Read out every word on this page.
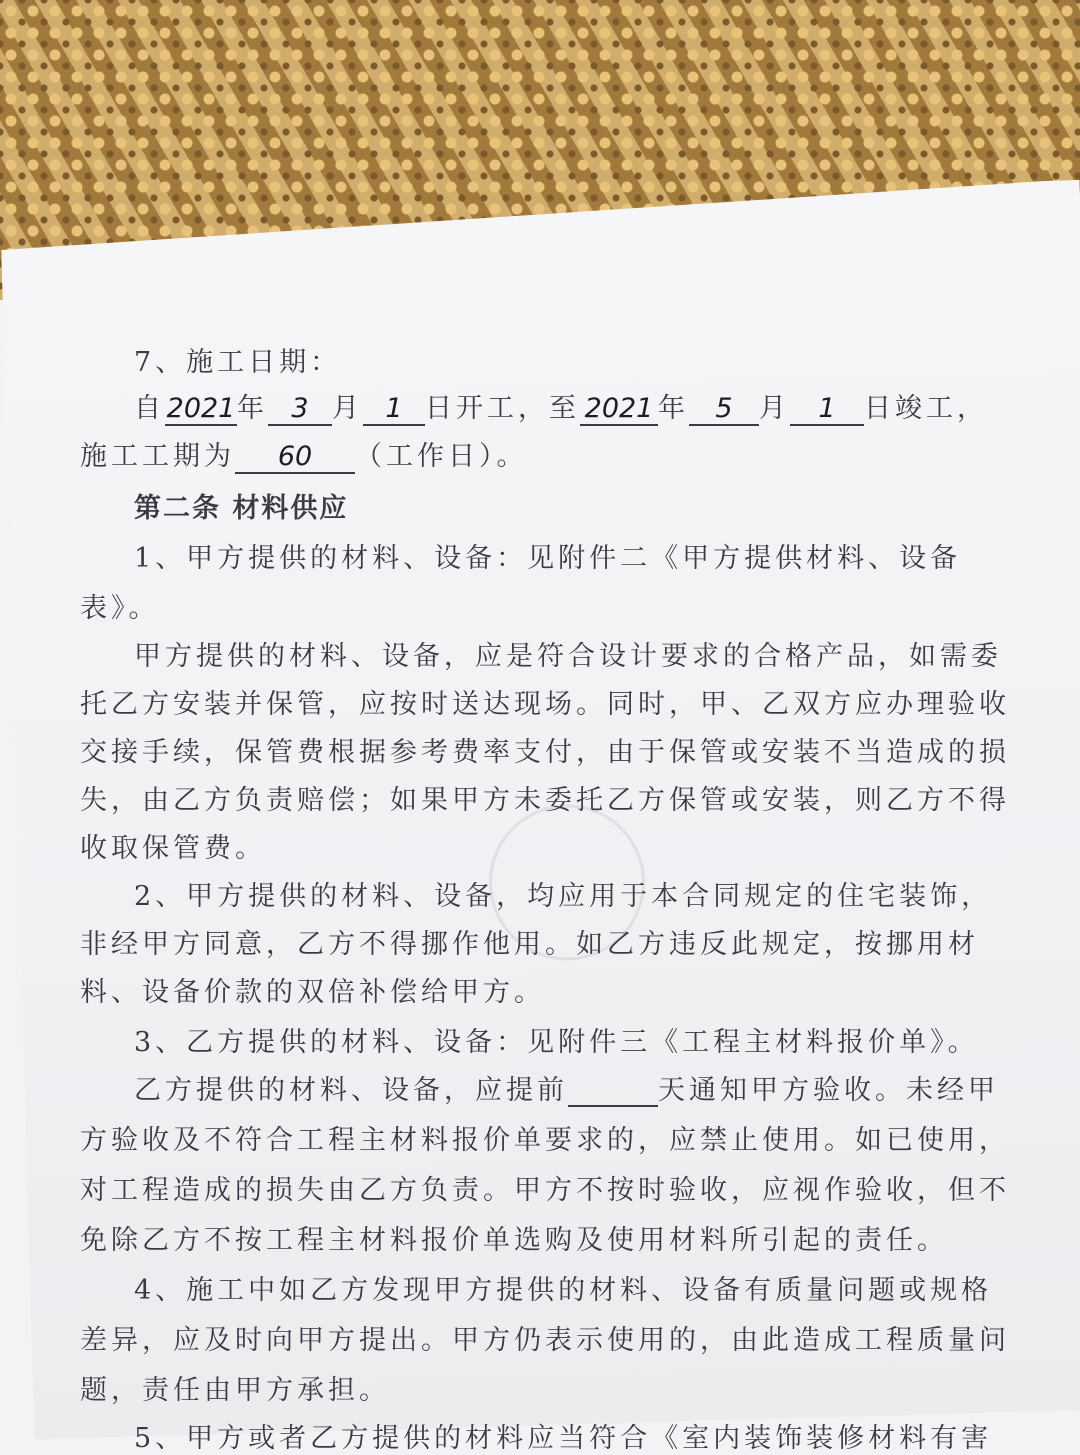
7、施工日期：
自2021年 3 月 1 日开工，至 2021 年 5 月 1 日竣工，
施工工期为 60 （工作日）。
第二条 材料供应
1、甲方提供的材料、设备：见附件二《甲方提供材料、设备
表》。
甲方提供的材料、设备，应是符合设计要求的合格产品，如需委
托乙方安装并保管，应按时送达现场。同时，甲、乙双方应办理验收
交接手续，保管费根据参考费率支付，由于保管或安装不当造成的损
失，由乙方负责赔偿；如果甲方未委托乙方保管或安装，则乙方不得
收取保管费。
2、甲方提供的材料、设备，均应用于本合同规定的住宅装饰，
非经甲方同意，乙方不得挪作他用。如乙方违反此规定，按挪用材
料、设备价款的双倍补偿给甲方。
3、乙方提供的材料、设备：见附件三《工程主材料报价单》。
乙方提供的材料、设备，应提前	天通知甲方验收。未经甲
方验收及不符合工程主材料报价单要求的，应禁止使用。如已使用，
对工程造成的损失由乙方负责。甲方不按时验收，应视作验收，但不
免除乙方不按工程主材料报价单选购及使用材料所引起的责任。
4、施工中如乙方发现甲方提供的材料、设备有质量问题或规格
差异，应及时向甲方提出。甲方仍表示使用的，由此造成工程质量问
题，责任由甲方承担。
5、甲方或者乙方提供的材料应当符合《室内装饰装修材料有害
